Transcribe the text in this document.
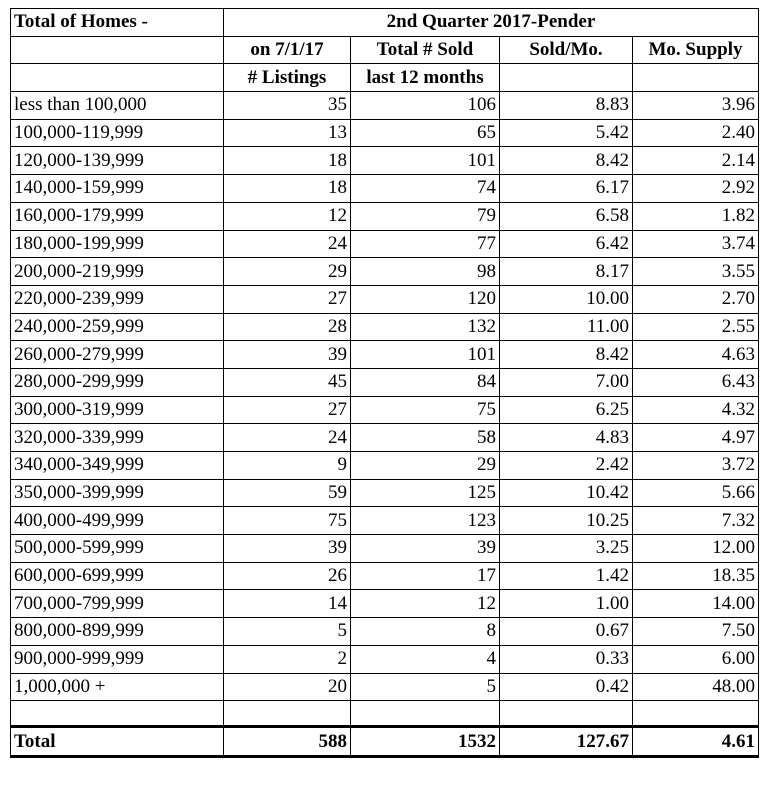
Total of Homes -	2nd Quarter 2017-Pender			
	on 7/1/17	Total # Sold	Sold/Mo.	Mo. Supply
	# Listings	last 12 months		
less than 100,000	35	106	8.83	3.96
100,000-119,999	13	65	5.42	2.40
120,000-139,999	18	101	8.42	2.14
140,000-159,999	18	74	6.17	2.92
160,000-179,999	12	79	6.58	1.82
180,000-199,999	24	77	6.42	3.74
200,000-219,999	29	98	8.17	3.55
220,000-239,999	27	120	10.00	2.70
240,000-259,999	28	132	11.00	2.55
260,000-279,999	39	101	8.42	4.63
280,000-299,999	45	84	7.00	6.43
300,000-319,999	27	75	6.25	4.32
320,000-339,999	24	58	4.83	4.97
340,000-349,999	9	29	2.42	3.72
350,000-399,999	59	125	10.42	5.66
400,000-499,999	75	123	10.25	7.32
500,000-599,999	39	39	3.25	12.00
600,000-699,999	26	17	1.42	18.35
700,000-799,999	14	12	1.00	14.00
800,000-899,999	5	8	0.67	7.50
900,000-999,999	2	4	0.33	6.00
1,000,000 +	20	5	0.42	48.00

Total	588	1532	127.67	4.61
